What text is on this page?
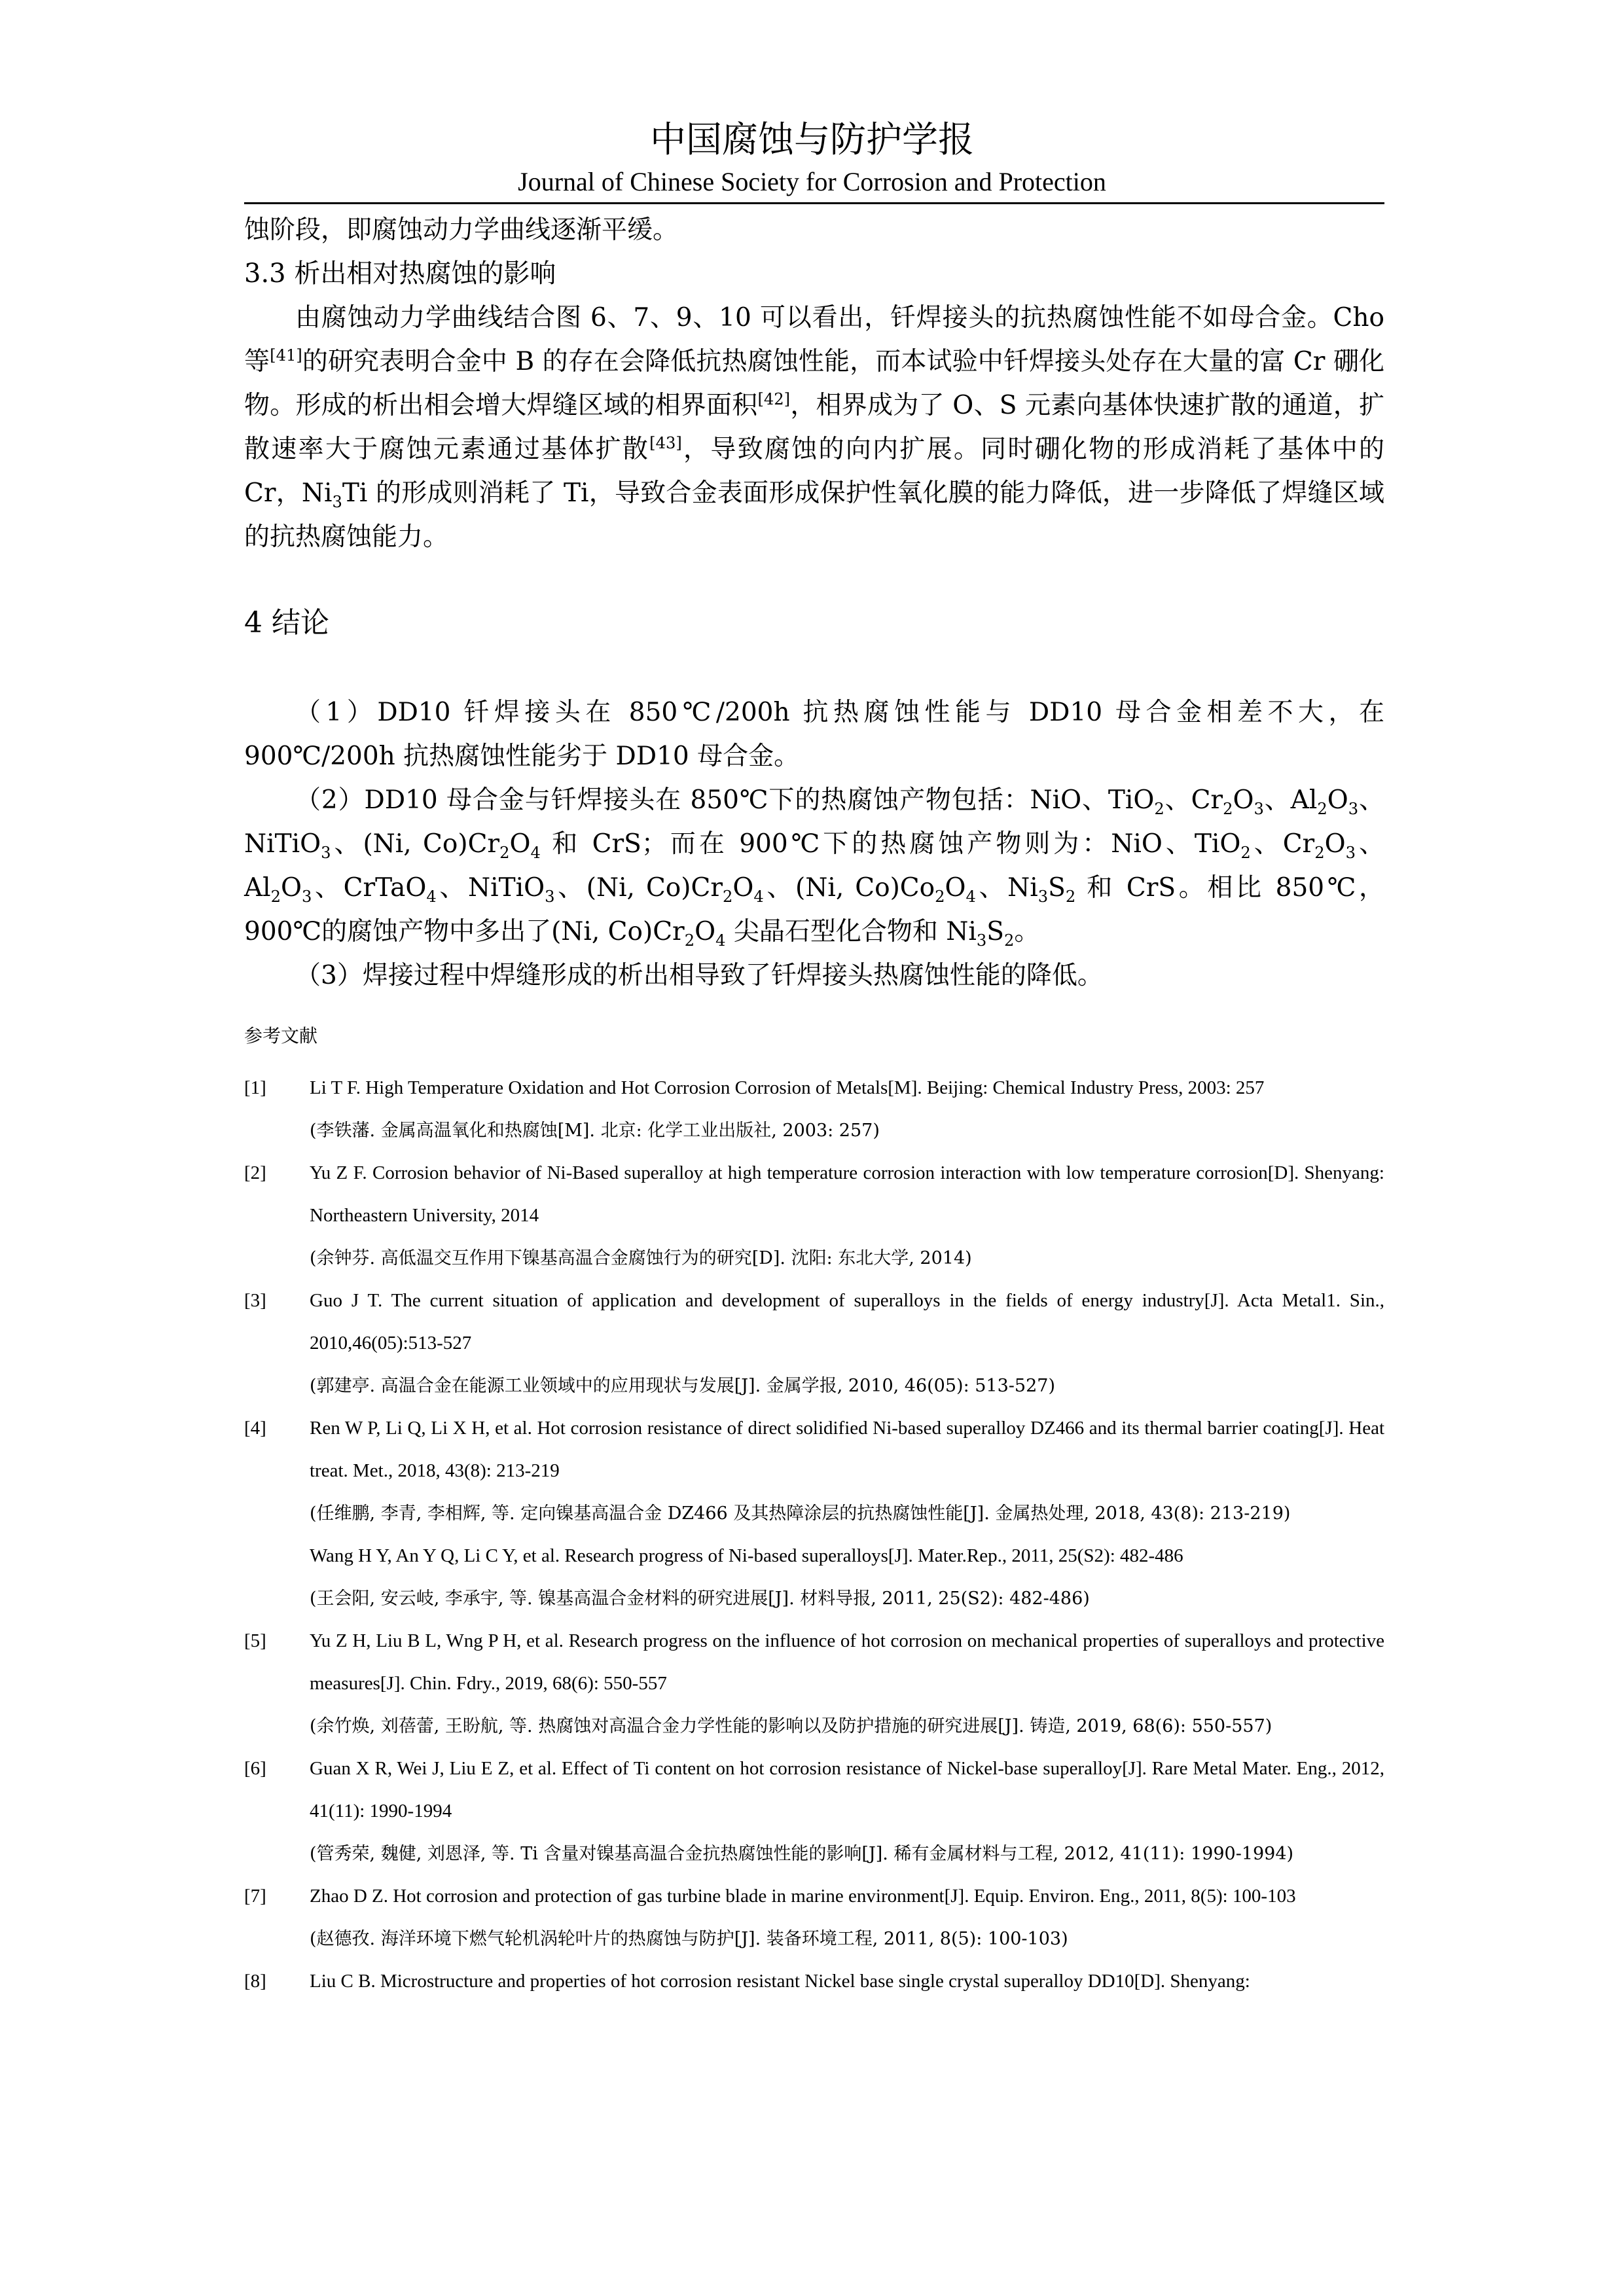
中国腐蚀与防护学报
Journal of Chinese Society for Corrosion and Protection

蚀阶段，即腐蚀动力学曲线逐渐平缓。

3.3 析出相对热腐蚀的影响

由腐蚀动力学曲线结合图 6、7、9、10 可以看出，钎焊接头的抗热腐蚀性能不如母合金。Cho 等[41]的研究表明合金中 B 的存在会降低抗热腐蚀性能，而本试验中钎焊接头处存在大量的富 Cr 硼化物。形成的析出相会增大焊缝区域的相界面积[42]，相界成为了 O、S 元素向基体快速扩散的通道，扩散速率大于腐蚀元素通过基体扩散[43]，导致腐蚀的向内扩展。同时硼化物的形成消耗了基体中的 Cr，$Ni_3Ti$ 的形成则消耗了 Ti，导致合金表面形成保护性氧化膜的能力降低，进一步降低了焊缝区域的抗热腐蚀能力。

4 结论

（1）DD10 钎焊接头在 850℃/200h 抗热腐蚀性能与 DD10 母合金相差不大，在 900℃/200h 抗热腐蚀性能劣于 DD10 母合金。

（2）DD10 母合金与钎焊接头在 850℃下的热腐蚀产物包括：NiO、TiO$_2$、$Cr_2O_3$、$Al_2O_3$、NiTiO$_3$、(Ni, $Co)Cr_2O_4$ 和 CrS；而在 900℃下的热腐蚀产物则为：NiO、TiO$_2$、$Cr_2O_3$、$Al_2O_3$、CrTaO$_4$、NiTiO$_3$、(Ni, $Co)Cr_2O_4$、(Ni, $Co)Co_2O_4$、$Ni_3S_2$ 和 CrS。相比 850℃，900℃的腐蚀产物中多出了(Ni, $Co)Cr_2O_4$ 尖晶石型化合物和 $Ni_3S_2$。

（3）焊接过程中焊缝形成的析出相导致了钎焊接头热腐蚀性能的降低。

参考文献
[1] Li T F. High Temperature Oxidation and Hot Corrosion Corrosion of Metals[M]. Beijing: Chemical Industry Press, 2003: 257
(李铁藩. 金属高温氧化和热腐蚀[M]. 北京: 化学工业出版社, 2003: 257)
[2] Yu Z F. Corrosion behavior of Ni-Based superalloy at high temperature corrosion interaction with low temperature corrosion[D]. Shenyang: Northeastern University, 2014
(余钟芬. 高低温交互作用下镍基高温合金腐蚀行为的研究[D]. 沈阳: 东北大学, 2014)
[3] Guo J T. The current situation of application and development of superalloys in the fields of energy industry[J]. Acta Metal1. Sin., 2010,46(05):513-527
(郭建亭. 高温合金在能源工业领域中的应用现状与发展[J]. 金属学报, 2010, 46(05): 513-527)
[4] Ren W P, Li Q, Li X H, et al. Hot corrosion resistance of direct solidified Ni-based superalloy DZ466 and its thermal barrier coating[J]. Heat treat. Met., 2018, 43(8): 213-219
(任维鹏, 李青, 李相辉, 等. 定向镍基高温合金 DZ466 及其热障涂层的抗热腐蚀性能[J]. 金属热处理, 2018, 43(8): 213-219)
Wang H Y, An Y Q, Li C Y, et al. Research progress of Ni-based superalloys[J]. Mater.Rep., 2011, 25(S2): 482-486
(王会阳, 安云岐, 李承宇, 等. 镍基高温合金材料的研究进展[J]. 材料导报, 2011, 25(S2): 482-486)
[5] Yu Z H, Liu B L, Wng P H, et al. Research progress on the influence of hot corrosion on mechanical properties of superalloys and protective measures[J]. Chin. Fdry., 2019, 68(6): 550-557
(余竹焕, 刘蓓蕾, 王盼航, 等. 热腐蚀对高温合金力学性能的影响以及防护措施的研究进展[J]. 铸造, 2019, 68(6): 550-557)
[6] Guan X R, Wei J, Liu E Z, et al. Effect of Ti content on hot corrosion resistance of Nickel-base superalloy[J]. Rare Metal Mater. Eng., 2012, 41(11): 1990-1994
(管秀荣, 魏健, 刘恩泽, 等. Ti 含量对镍基高温合金抗热腐蚀性能的影响[J]. 稀有金属材料与工程, 2012, 41(11): 1990-1994)
[7] Zhao D Z. Hot corrosion and protection of gas turbine blade in marine environment[J]. Equip. Environ. Eng., 2011, 8(5): 100-103
(赵德孜. 海洋环境下燃气轮机涡轮叶片的热腐蚀与防护[J]. 装备环境工程, 2011, 8(5): 100-103)
[8] Liu C B. Microstructure and properties of hot corrosion resistant Nickel base single crystal superalloy DD10[D]. Shenyang:
